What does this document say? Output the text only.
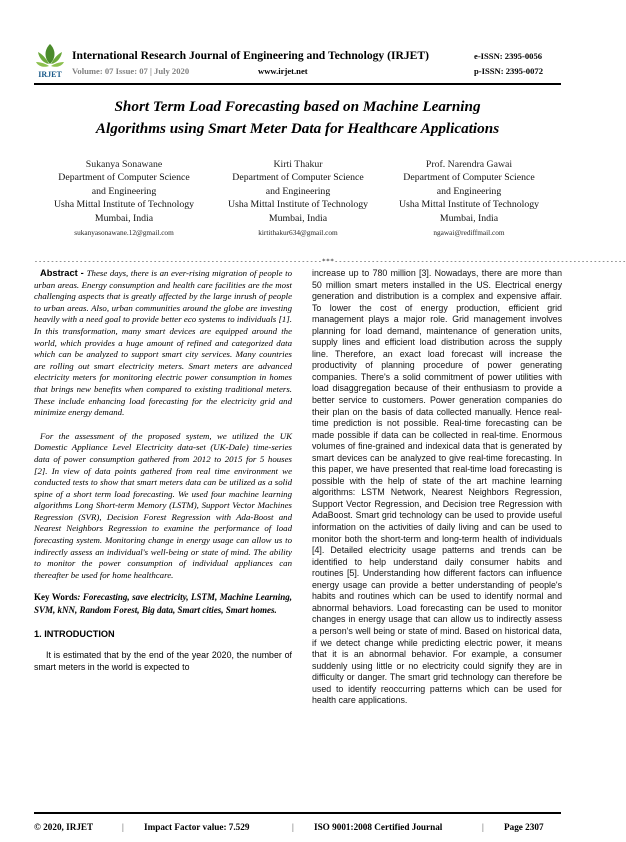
IRJET
International Research Journal of Engineering and Technology (IRJET)
Volume: 07 Issue: 07 | July 2020	www.irjet.net
e-ISSN: 2395-0056
p-ISSN: 2395-0072
Short Term Load Forecasting based on Machine Learning
Algorithms using Smart Meter Data for Healthcare Applications
Sukanya Sonawane
Department of Computer Science
and Engineering
Usha Mittal Institute of Technology
Mumbai, India
sukanyasonawane.12@gmail.com
Kirti Thakur
Department of Computer Science
and Engineering
Usha Mittal Institute of Technology
Mumbai, India
kirtithakur634@gmail.com
Prof. Narendra Gawai
Department of Computer Science
and Engineering
Usha Mittal Institute of Technology
Mumbai, India
ngawai@rediffmail.com
----------------------------------------------------------------------***-----------------------------------------------------------------------

Abstract - These days, there is an ever-rising migration of people to urban areas. Energy consumption and health care facilities are the most challenging aspects that is greatly affected by the large inrush of people to urban areas. Also, urban communities around the globe are investing heavily with a need goal to provide better eco systems to individuals [1]. In this transformation, many smart devices are equipped around the world, which provides a huge amount of refined and categorized data which can be analyzed to support smart city services. Many countries are rolling out smart electricity meters. Smart meters are advanced electricity meters for monitoring electric power consumption in homes that brings new benefits when compared to existing traditional meters. These include enhancing load forecasting for the electricity grid and minimize energy demand.

For the assessment of the proposed system, we utilized the UK Domestic Appliance Level Electricity data-set (UK-Dale) time-series data of power consumption gathered from 2012 to 2015 for 5 houses [2]. In view of data points gathered from real time environment we conducted tests to show that smart meters data can be utilized as a solid spine of a short term load forecasting. We used four machine learning algorithms Long Short-term Memory (LSTM), Support Vector Machines Regression (SVR), Decision Forest Regression with Ada-Boost and Nearest Neighbors Regression to examine the performance of load forecasting system. Monitoring change in energy usage can allow us to indirectly assess an individual's well-being or state of mind. The ability to monitor the power consumption of individual appliances can thereafter be used for home healthcare.

Key Words: Forecasting, save electricity, LSTM, Machine Learning, SVM, kNN, Random Forest, Big data, Smart cities, Smart homes.
1. INTRODUCTION

It is estimated that by the end of the year 2020, the number of smart meters in the world is expected to

increase up to 780 million [3]. Nowadays, there are more than 50 million smart meters installed in the US. Electrical energy generation and distribution is a complex and expensive affair. To lower the cost of energy production, efficient grid management plays a major role. Grid management involves planning for load demand, maintenance of generation units, supply lines and efficient load distribution across the supply line. Therefore, an exact load forecast will increase the productivity of planning procedure of power generating companies. There's a solid commitment of power utilities with load disaggregation because of their enthusiasm to provide a better service to customers. Power generation companies do their plan on the basis of data collected manually. Hence real-time prediction is not possible. Real-time forecasting can be made possible if data can be collected in real-time. Enormous volumes of fine-grained and indexical data that is generated by smart devices can be analyzed to give real-time forecasting. In this paper, we have presented that real-time load forecasting is possible with the help of state of the art machine learning algorithms: LSTM Network, Nearest Neighbors Regression, Support Vector Regression, and Decision tree Regression with AdaBoost. Smart grid technology can be used to provide useful information on the activities of daily living and can be used to monitor both the short-term and long-term health of individuals [4]. Detailed electricity usage patterns and trends can be identified to help understand daily consumer habits and routines [5]. Understanding how different factors can influence energy usage can provide a better understanding of people's habits and routines which can be used to identify normal and abnormal behaviors. Load forecasting can be used to monitor changes in energy usage that can allow us to indirectly assess a person's well being or state of mind. Based on historical data, if we detect change while predicting electric power, it means that it is an abnormal behavior. For example, a consumer suddenly using little or no electricity could signify they are in difficulty or danger. The smart grid technology can therefore be used to identify reoccurring patterns which can be used for health care applications.
© 2020, IRJET	| Impact Factor value: 7.529	| ISO 9001:2008 Certified Journal	| Page 2307
